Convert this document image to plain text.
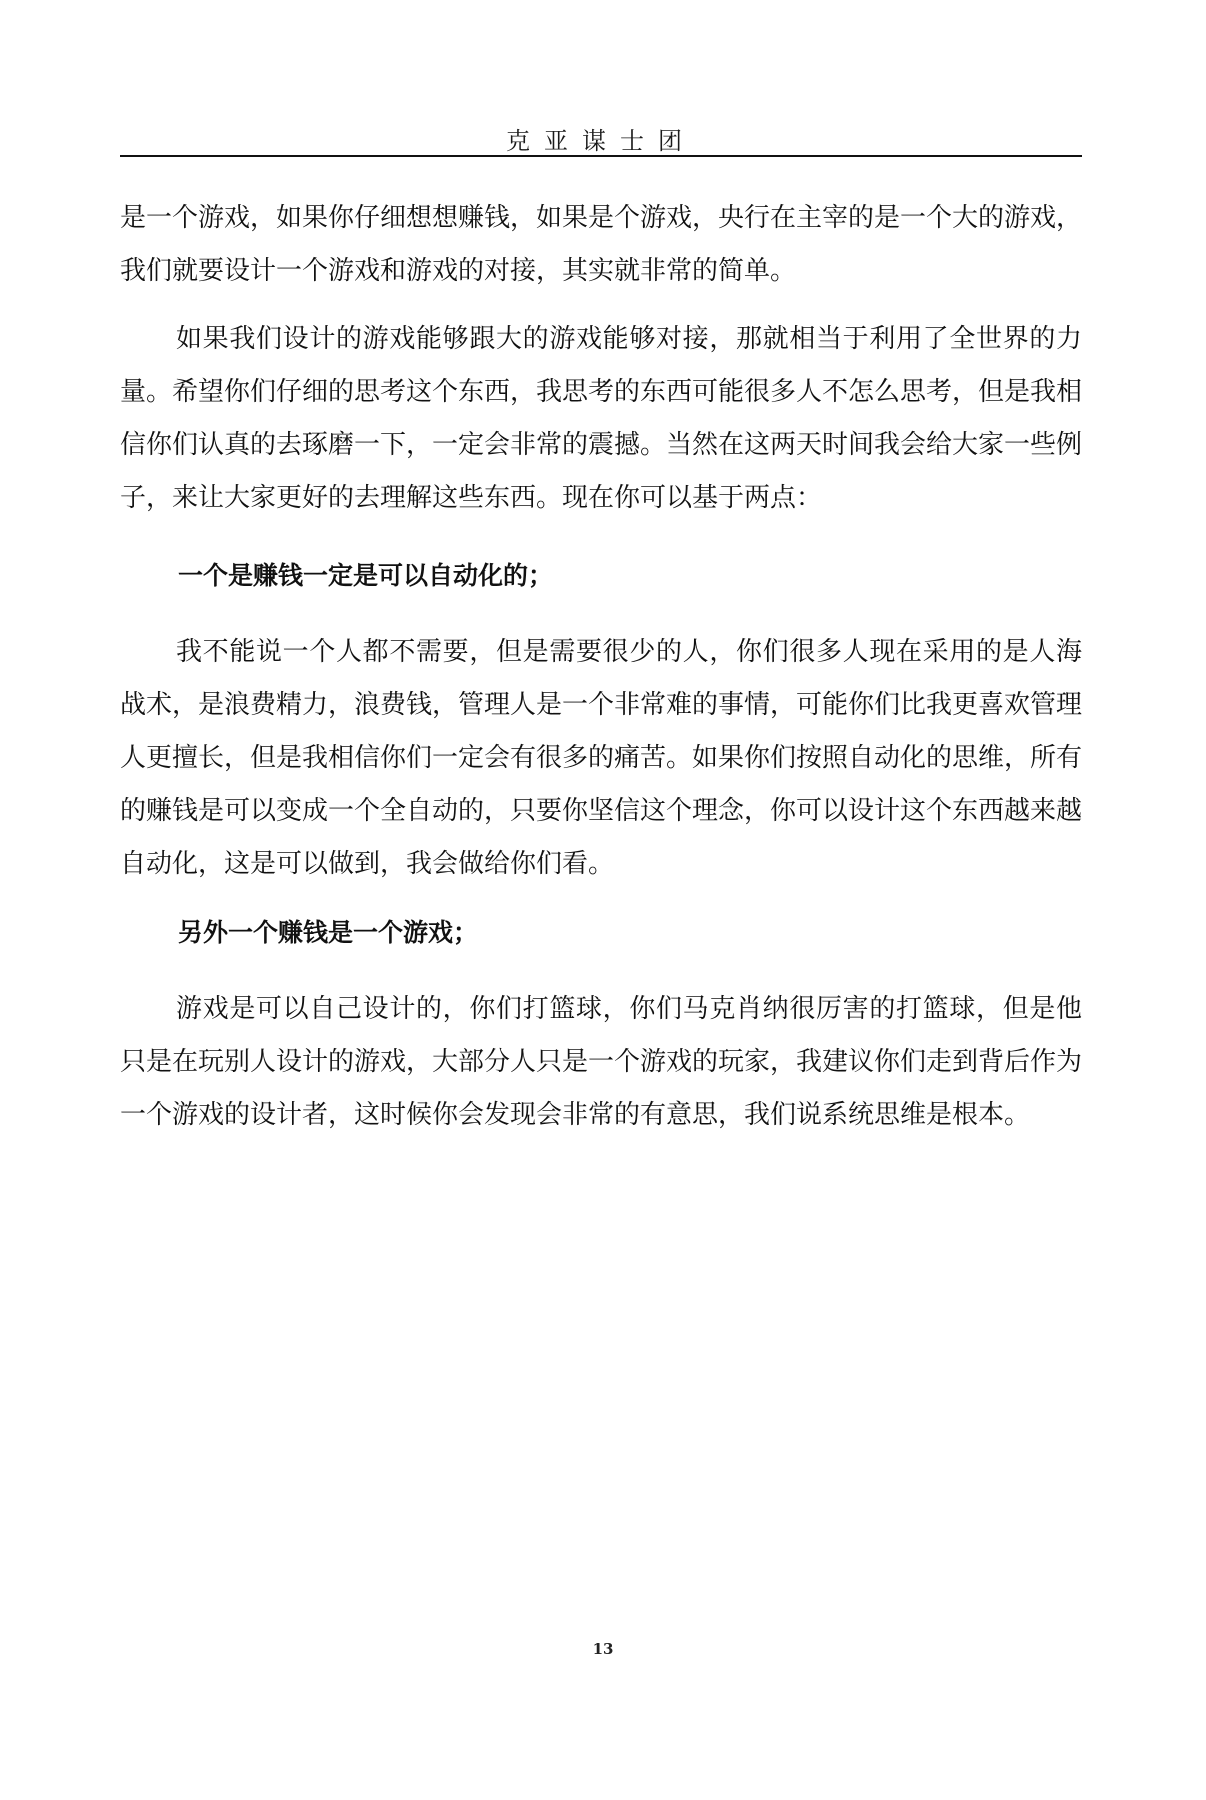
克亚谋士团

是一个游戏，如果你仔细想想赚钱，如果是个游戏，央行在主宰的是一个大的游戏，我们就要设计一个游戏和游戏的对接，其实就非常的简单。

如果我们设计的游戏能够跟大的游戏能够对接，那就相当于利用了全世界的力量。希望你们仔细的思考这个东西，我思考的东西可能很多人不怎么思考，但是我相信你们认真的去琢磨一下，一定会非常的震撼。当然在这两天时间我会给大家一些例子，来让大家更好的去理解这些东西。现在你可以基于两点：

一个是赚钱一定是可以自动化的；

我不能说一个人都不需要，但是需要很少的人，你们很多人现在采用的是人海战术，是浪费精力，浪费钱，管理人是一个非常难的事情，可能你们比我更喜欢管理人更擅长，但是我相信你们一定会有很多的痛苦。如果你们按照自动化的思维，所有的赚钱是可以变成一个全自动的，只要你坚信这个理念，你可以设计这个东西越来越自动化，这是可以做到，我会做给你们看。

另外一个赚钱是一个游戏；

游戏是可以自己设计的，你们打篮球，你们马克肖纳很厉害的打篮球，但是他只是在玩别人设计的游戏，大部分人只是一个游戏的玩家，我建议你们走到背后作为一个游戏的设计者，这时候你会发现会非常的有意思，我们说系统思维是根本。

13
